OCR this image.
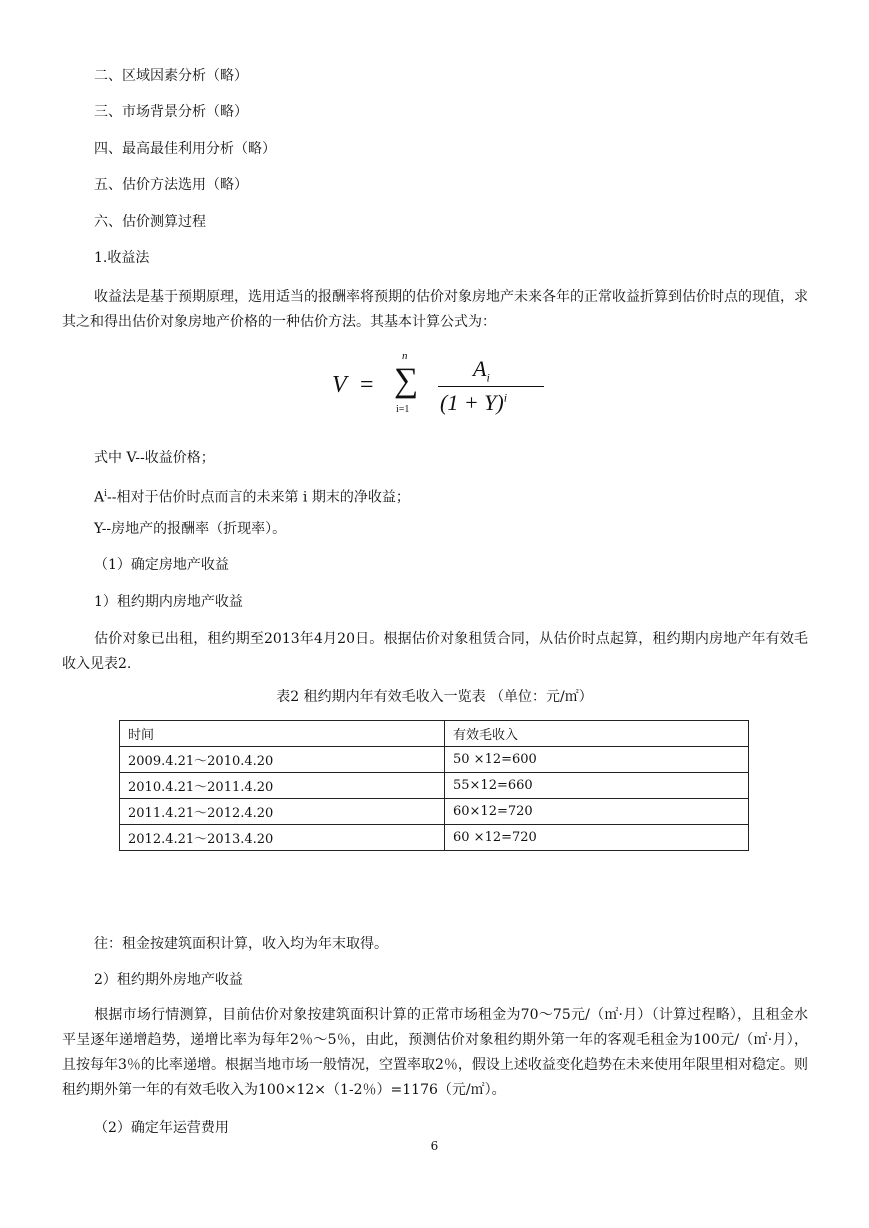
二、区域因素分析（略）
三、市场背景分析（略）
四、最高最佳利用分析（略）
五、估价方法选用（略）
六、估价测算过程
1.收益法
收益法是基于预期原理，选用适当的报酬率将预期的估价对象房地产未来各年的正常收益折算到估价时点的现值，求其之和得出估价对象房地产价格的一种估价方法。其基本计算公式为：
V =
n
∑
i=1
$A_i$
$(1 + Y)^i$
式中 V--收益价格；
$A^i--$相对于估价时点而言的未来第 i 期末的净收益；
Y--房地产的报酬率（折现率）。
（1）确定房地产收益
1）租约期内房地产收益
估价对象已出租，租约期至2013年4月20日。根据估价对象租赁合同，从估价时点起算，租约期内房地产年有效毛收入见表2.
表2 租约期内年有效毛收入一览表 （单位：元/㎡）
时间	有效毛收入
2009.4.21～2010.4.20	50 ×12=600
2010.4.21～2011.4.20	55×12=660
2011.4.21～2012.4.20	60×12=720
2012.4.21～2013.4.20	60 ×12=720
往：租金按建筑面积计算，收入均为年末取得。
2）租约期外房地产收益
根据市场行情测算，目前估价对象按建筑面积计算的正常市场租金为70～75元/（㎡·月）（计算过程略），且租金水平呈逐年递增趋势，递增比率为每年2％～5％，由此，预测估价对象租约期外第一年的客观毛租金为100元/（㎡·月），且按每年3％的比率递增。根据当地市场一般情况，空置率取2％，假设上述收益变化趋势在未来使用年限里相对稳定。则租约期外第一年的有效毛收入为100×12×（1-2％）=1176（元/㎡）。
（2）确定年运营费用
6
